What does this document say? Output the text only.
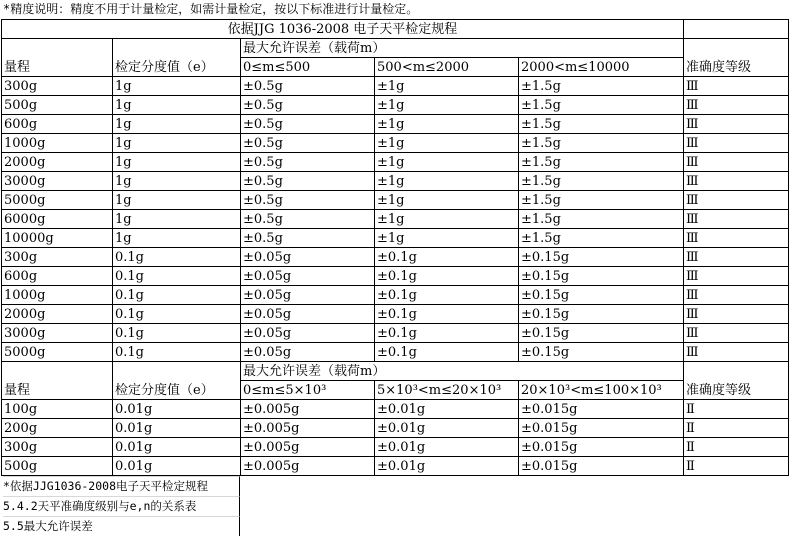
*精度说明：精度不用于计量检定，如需计量检定，按以下标准进行计量检定。
依据JJG 1036-2008 电子天平检定规程					
量程	检定分度值（e）	最大允许误差（载荷m）			准确度等级
		0≤m≤500	500<m≤2000	2000<m≤10000	
300g	1g	±0.5g	±1g	±1.5g	Ⅲ
500g	1g	±0.5g	±1g	±1.5g	Ⅲ
600g	1g	±0.5g	±1g	±1.5g	Ⅲ
1000g	1g	±0.5g	±1g	±1.5g	Ⅲ
2000g	1g	±0.5g	±1g	±1.5g	Ⅲ
3000g	1g	±0.5g	±1g	±1.5g	Ⅲ
5000g	1g	±0.5g	±1g	±1.5g	Ⅲ
6000g	1g	±0.5g	±1g	±1.5g	Ⅲ
10000g	1g	±0.5g	±1g	±1.5g	Ⅲ
300g	0.1g	±0.05g	±0.1g	±0.15g	Ⅲ
600g	0.1g	±0.05g	±0.1g	±0.15g	Ⅲ
1000g	0.1g	±0.05g	±0.1g	±0.15g	Ⅲ
2000g	0.1g	±0.05g	±0.1g	±0.15g	Ⅲ
3000g	0.1g	±0.05g	±0.1g	±0.15g	Ⅲ
5000g	0.1g	±0.05g	±0.1g	±0.15g	Ⅲ
量程	检定分度值（e）	最大允许误差（载荷m）			准确度等级
		0≤m≤5×10³	5×10³<m≤20×10³	20×10³<m≤100×10³	
100g	0.01g	±0.005g	±0.01g	±0.015g	Ⅱ
200g	0.01g	±0.005g	±0.01g	±0.015g	Ⅱ
300g	0.01g	±0.005g	±0.01g	±0.015g	Ⅱ
500g	0.01g	±0.005g	±0.01g	±0.015g	Ⅱ
*依据JJG1036-2008电子天平检定规程
5.4.2天平准确度级别与e,n的关系表
5.5最大允许误差
